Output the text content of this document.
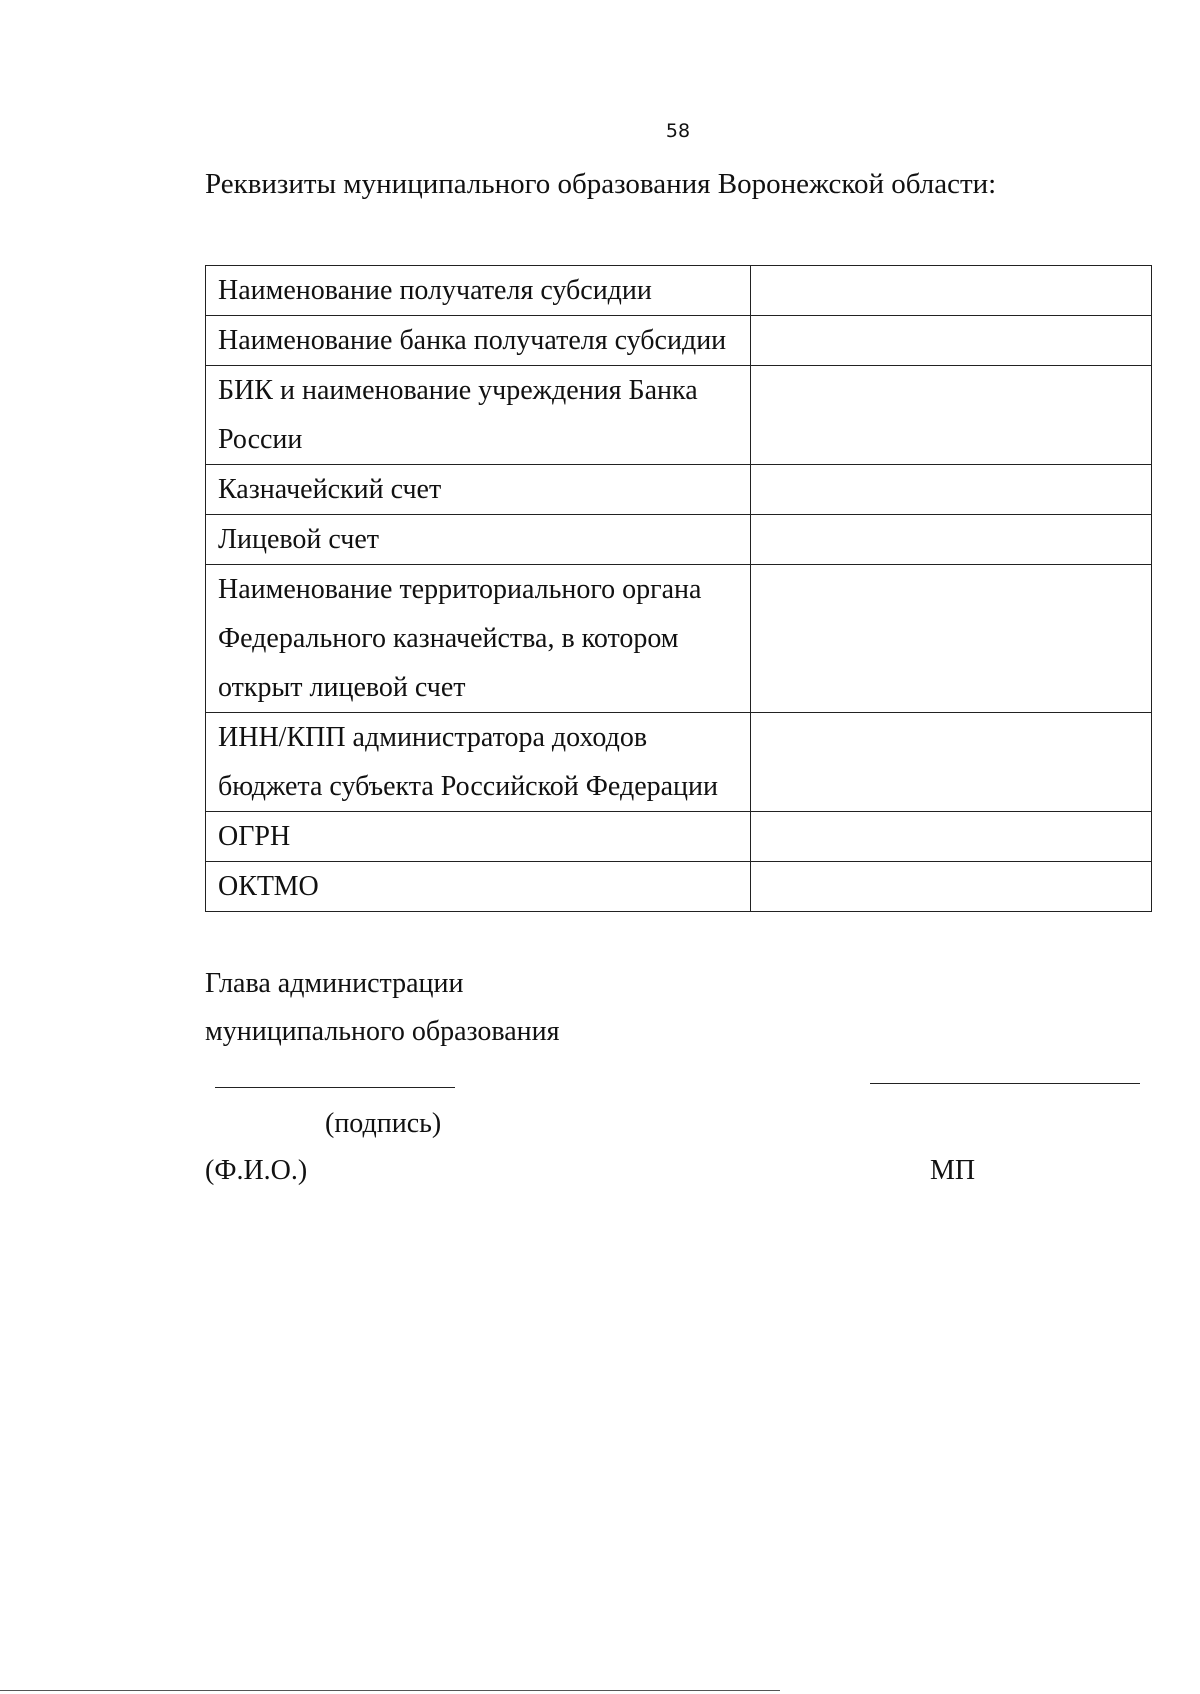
58
Реквизиты муниципального образования Воронежской области:
Наименование получателя субсидии	

Наименование банка получателя субсидии	

БИК и наименование учреждения Банка
России	

Казначейский счет	

Лицевой счет	

Наименование территориального органа
Федерального казначейства, в котором
открыт лицевой счет	

ИНН/КПП администратора доходов
бюджета субъекта Российской Федерации	

ОГРН	

ОКТМО	

Глава администрации
муниципального образования
(подпись)
(Ф.И.О.)	МП
